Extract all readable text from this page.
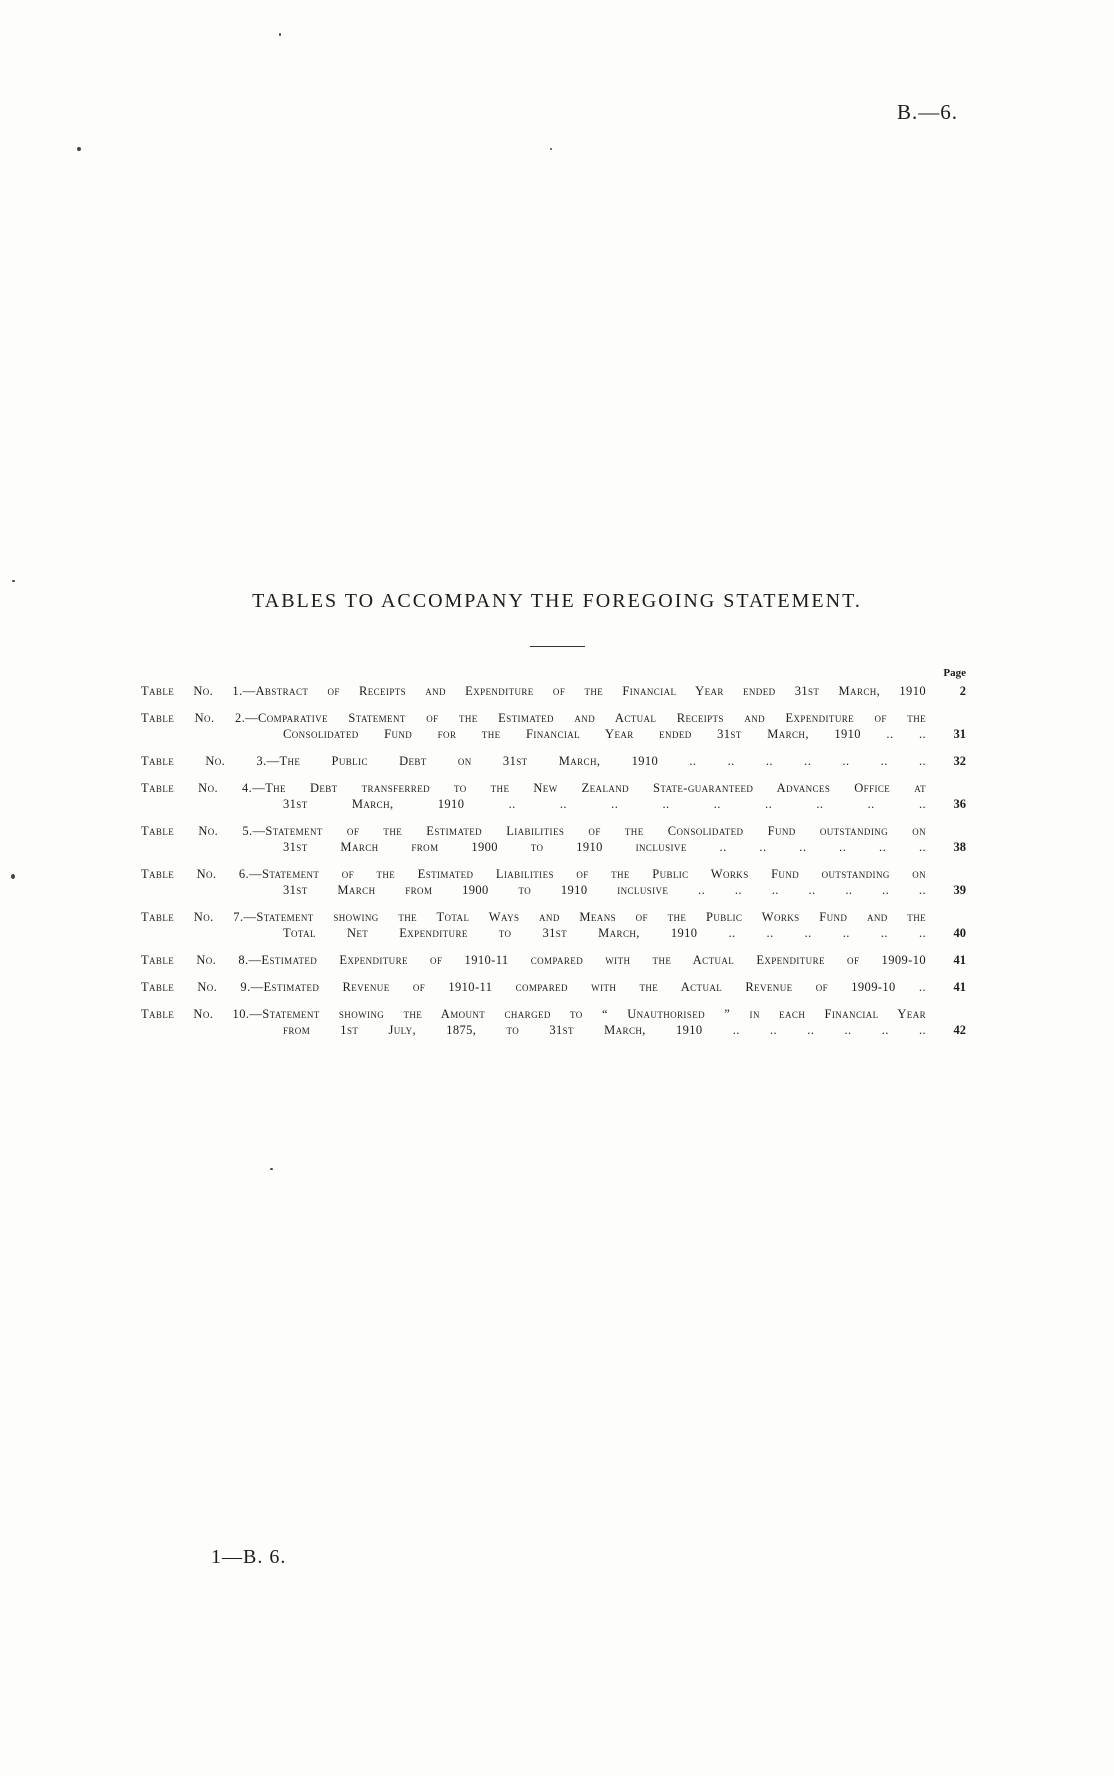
B.—6.
TABLES TO ACCOMPANY THE FOREGOING STATEMENT.
Page
Table No. 1.—Abstract of Receipts and Expenditure of the Financial Year ended 31st March, 1910	2
Table No. 2.—Comparative Statement of the Estimated and Actual Receipts and Expenditure of the
Consolidated Fund for the Financial Year ended 31st March, 1910 .. ..	31
Table No. 3.—The Public Debt on 31st March, 1910 .. .. .. .. .. .. ..	32
Table No. 4.—The Debt transferred to the New Zealand State-guaranteed Advances Office at
31st March, 1910 .. .. .. .. .. .. .. .. ..	36
Table No. 5.—Statement of the Estimated Liabilities of the Consolidated Fund outstanding on
31st March from 1900 to 1910 inclusive .. .. .. .. .. ..	38
Table No. 6.—Statement of the Estimated Liabilities of the Public Works Fund outstanding on
31st March from 1900 to 1910 inclusive .. .. .. .. .. .. ..	39
Table No. 7.—Statement showing the Total Ways and Means of the Public Works Fund and the
Total Net Expenditure to 31st March, 1910 .. .. .. .. .. ..	40
Table No. 8.—Estimated Expenditure of 1910-11 compared with the Actual Expenditure of 1909-10	41
Table No. 9.—Estimated Revenue of 1910-11 compared with the Actual Revenue of 1909-10 ..	41
Table No. 10.—Statement showing the Amount charged to “ Unauthorised ” in each Financial Year
from 1st July, 1875, to 31st March, 1910 .. .. .. .. .. ..	42
1—B. 6.
